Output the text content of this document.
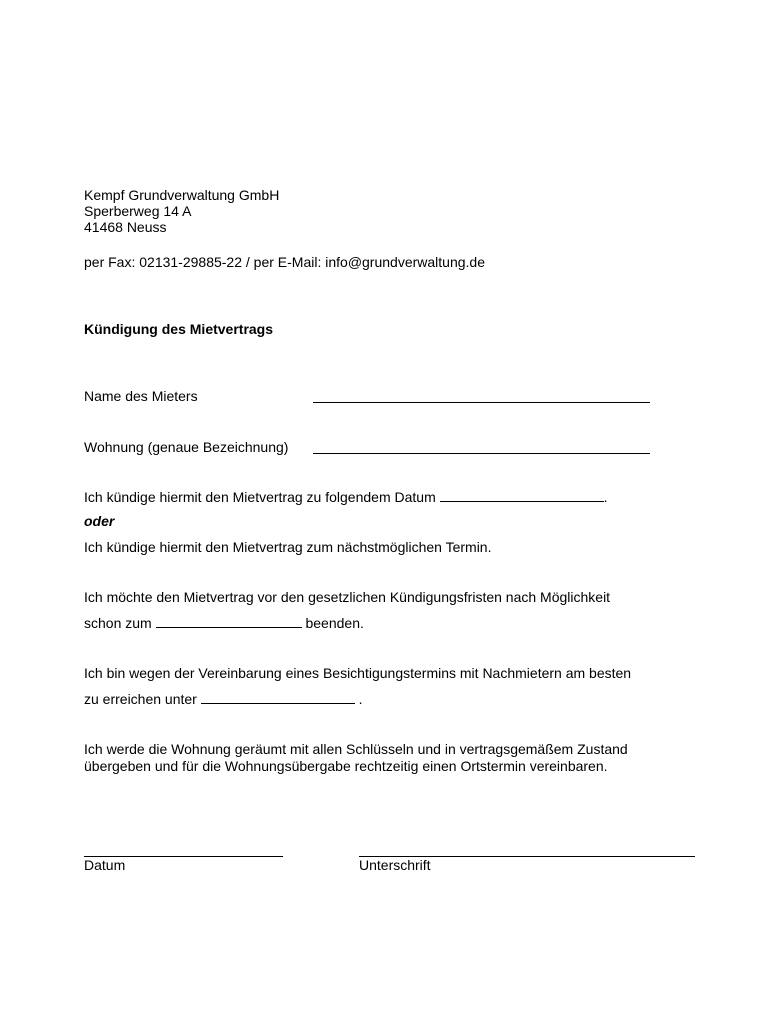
Kempf Grundverwaltung GmbH
Sperberweg 14 A
41468 Neuss
per Fax: 02131-29885-22 / per E-Mail: info@grundverwaltung.de
Kündigung des Mietvertrags
Name des Mieters
Wohnung (genaue Bezeichnung)
Ich kündige hiermit den Mietvertrag zu folgendem Datum	.
oder
Ich kündige hiermit den Mietvertrag zum nächstmöglichen Termin.
Ich möchte den Mietvertrag vor den gesetzlichen Kündigungsfristen nach Möglichkeit
schon zum	beenden.
Ich bin wegen der Vereinbarung eines Besichtigungstermins mit Nachmietern am besten
zu erreichen unter	.
Ich werde die Wohnung geräumt mit allen Schlüsseln und in vertragsgemäßem Zustand
übergeben und für die Wohnungsübergabe rechtzeitig einen Ortstermin vereinbaren.
Datum	Unterschrift
